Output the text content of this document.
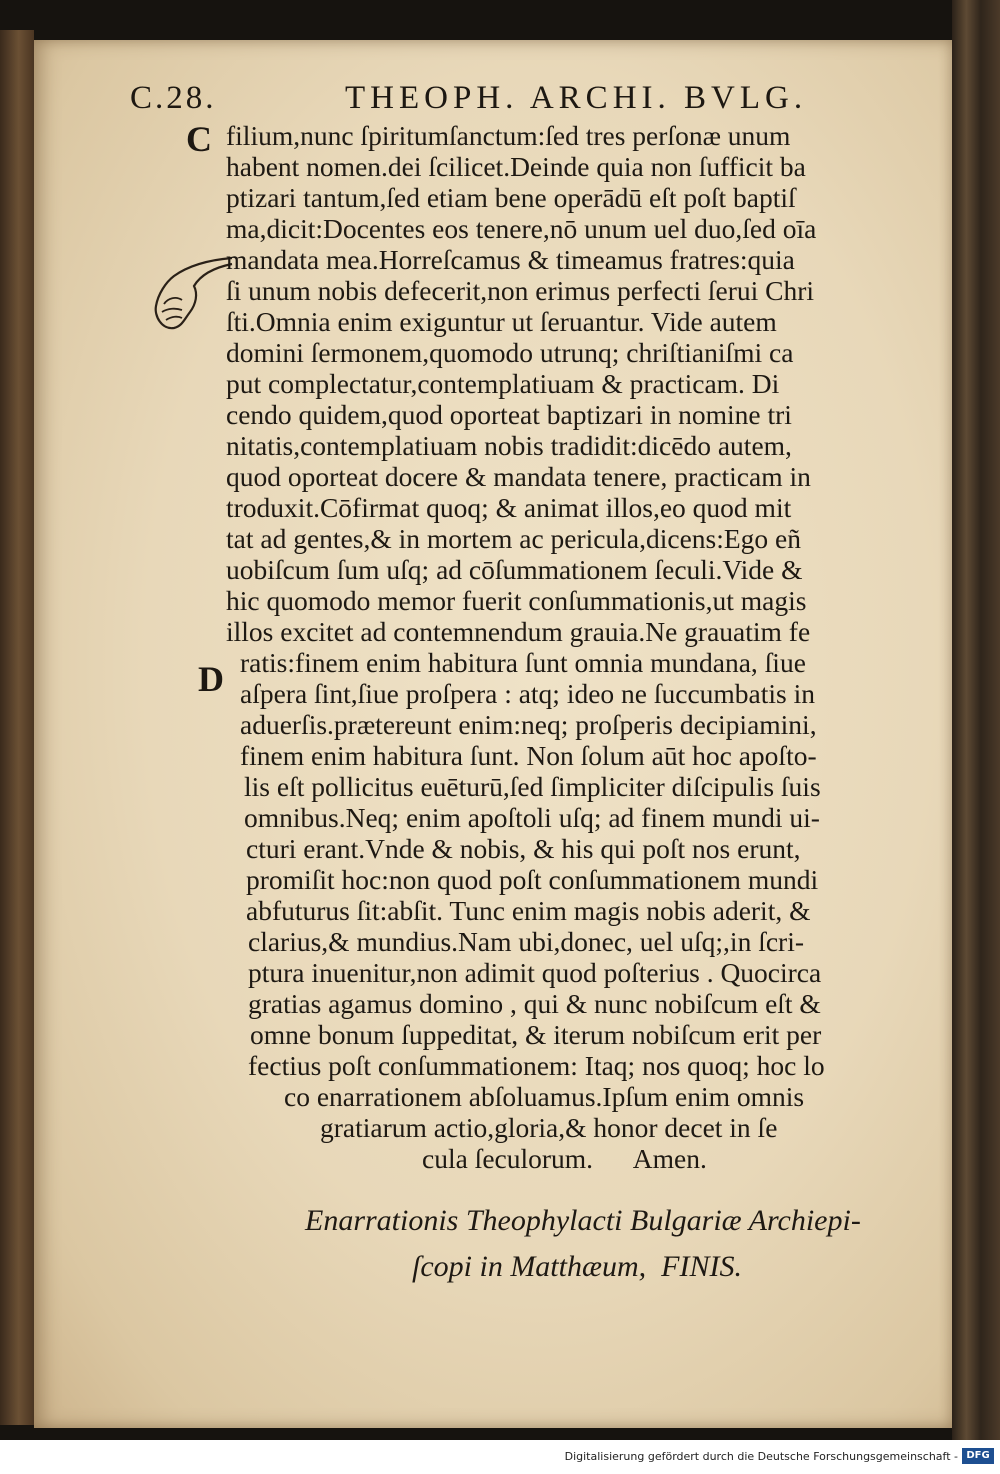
C.28.	THEOPH. ARCHI. BVLG.
C
D
filium,nunc ſpiritumſanctum:ſed tres perſonæ unum
habent nomen.dei ſcilicet.Deinde quia non ſufficit ba
ptizari tantum,ſed etiam bene operādū eſt poſt baptiſ
ma,dicit:Docentes eos tenere,nō unum uel duo,ſed oīa
mandata mea.Horreſcamus & timeamus fratres:quia
ſi unum nobis defecerit,non erimus perfecti ſerui Chri
ſti.Omnia enim exiguntur ut ſeruantur. Vide autem
domini ſermonem,quomodo utrunq; chriſtianiſmi ca
put complectatur,contemplatiuam & practicam. Di
cendo quidem,quod oporteat baptizari in nomine tri
nitatis,contemplatiuam nobis tradidit:dicēdo autem,
quod oporteat docere & mandata tenere, practicam in
troduxit.Cōfirmat quoq; & animat illos,eo quod mit
tat ad gentes,& in mortem ac pericula,dicens:Ego eñ
uobiſcum ſum uſq; ad cōſummationem ſeculi.Vide &
hic quomodo memor fuerit conſummationis,ut magis
illos excitet ad contemnendum grauia.Ne grauatim fe
ratis:finem enim habitura ſunt omnia mundana, ſiue
aſpera ſint,ſiue proſpera : atq; ideo ne ſuccumbatis in
aduerſis.prætereunt enim:neq; proſperis decipiamini,
finem enim habitura ſunt. Non ſolum aūt hoc apoſto-
lis eſt pollicitus euēturū,ſed ſimpliciter diſcipulis ſuis
omnibus.Neq; enim apoſtoli uſq; ad finem mundi ui-
cturi erant.Vnde & nobis, & his qui poſt nos erunt,
promiſit hoc:non quod poſt conſummationem mundi
abfuturus ſit:abſit. Tunc enim magis nobis aderit, &
clarius,& mundius.Nam ubi,donec, uel uſq;,in ſcri-
ptura inuenitur,non adimit quod poſterius . Quocirca
gratias agamus domino , qui & nunc nobiſcum eſt &
omne bonum ſuppeditat, & iterum nobiſcum erit per
fectius poſt conſummationem: Itaq; nos quoq; hoc lo
co enarrationem abſoluamus.Ipſum enim omnis
gratiarum actio,gloria,& honor decet in ſe
cula ſeculorum.      Amen.
Enarrationis Theophylacti Bulgariæ Archiepi-
ſcopi in Matthæum,  FINIS.
Digitalisierung gefördert durch die Deutsche Forschungsgemeinschaft - DFG
